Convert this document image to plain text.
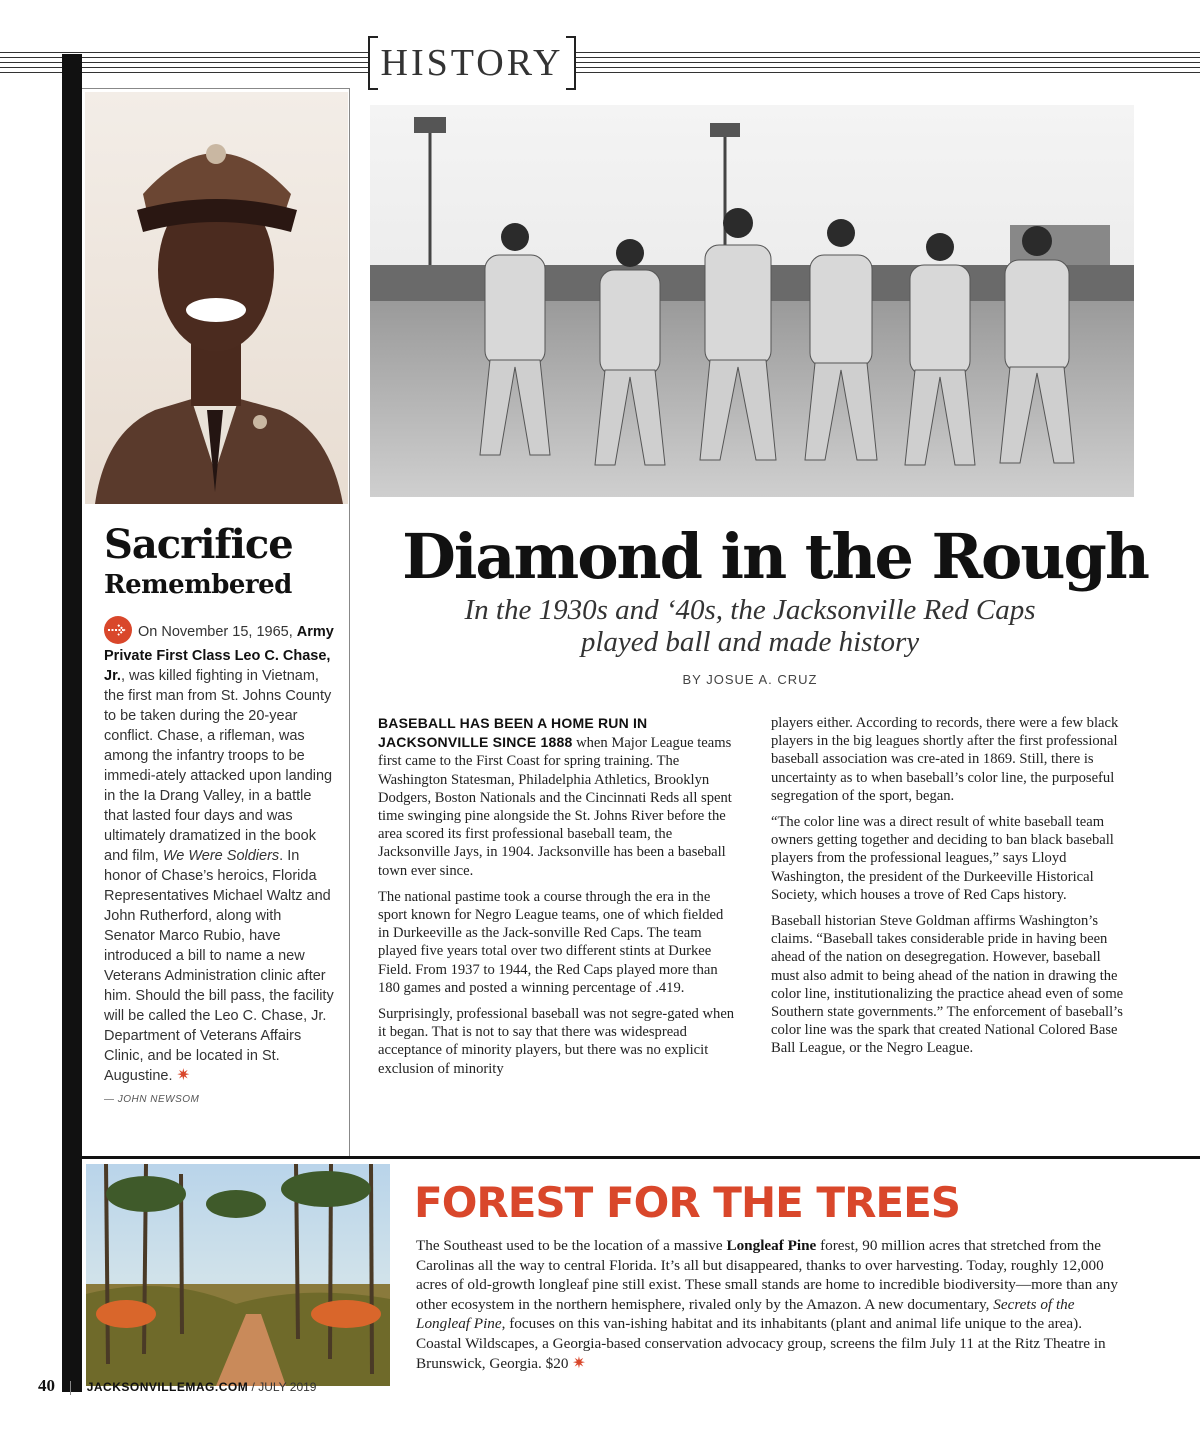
HISTORY
Sacrifice
Remembered
On November 15, 1965, Army Private First Class Leo C. Chase, Jr., was killed fighting in Vietnam, the first man from St. Johns County to be taken during the 20-year conflict. Chase, a rifleman, was among the infantry troops to be immedi-ately attacked upon landing in the Ia Drang Valley, in a battle that lasted four days and was ultimately dramatized in the book and film, We Were Soldiers. In honor of Chase’s heroics, Florida Representatives Michael Waltz and John Rutherford, along with Senator Marco Rubio, have introduced a bill to name a new Veterans Administration clinic after him. Should the bill pass, the facility will be called the Leo C. Chase, Jr. Department of Veterans Affairs Clinic, and be located in St. Augustine. ✷
— JOHN NEWSOM
Diamond in the Rough
In the 1930s and ‘40s, the Jacksonville Red Caps
played ball and made history
BY JOSUE A. CRUZ

BASEBALL HAS BEEN A HOME RUN IN JACKSONVILLE SINCE 1888 when Major League teams first came to the First Coast for spring training. The Washington Statesman, Philadelphia Athletics, Brooklyn Dodgers, Boston Nationals and the Cincinnati Reds all spent time swinging pine alongside the St. Johns River before the area scored its first professional baseball team, the Jacksonville Jays, in 1904. Jacksonville has been a baseball town ever since.

The national pastime took a course through the era in the sport known for Negro League teams, one of which fielded in Durkeeville as the Jack-sonville Red Caps. The team played five years total over two different stints at Durkee Field. From 1937 to 1944, the Red Caps played more than 180 games and posted a winning percentage of .419.

Surprisingly, professional baseball was not segre-gated when it began. That is not to say that there was widespread acceptance of minority players, but there was no explicit exclusion of minority

players either. According to records, there were a few black players in the big leagues shortly after the first professional baseball association was cre-ated in 1869. Still, there is uncertainty as to when baseball’s color line, the purposeful segregation of the sport, began.

“The color line was a direct result of white baseball team owners getting together and deciding to ban black baseball players from the professional leagues,” says Lloyd Washington, the president of the Durkeeville Historical Society, which houses a trove of Red Caps history.

Baseball historian Steve Goldman affirms Washington’s claims. “Baseball takes considerable pride in having been ahead of the nation on desegregation. However, baseball must also admit to being ahead of the nation in drawing the color line, institutionalizing the practice ahead even of some Southern state governments.” The enforcement of baseball’s color line was the spark that created National Colored Base Ball League, or the Negro League.

FOREST FOR THE TREES
The Southeast used to be the location of a massive Longleaf Pine forest, 90 million acres that stretched from the Carolinas all the way to central Florida. It’s all but disappeared, thanks to over harvesting. Today, roughly 12,000 acres of old-growth longleaf pine still exist. These small stands are home to incredible biodiversity—more than any other ecosystem in the northern hemisphere, rivaled only by the Amazon. A new documentary, Secrets of the Longleaf Pine, focuses on this van-ishing habitat and its inhabitants (plant and animal life unique to the area). Coastal Wildscapes, a Georgia-based conservation advocacy group, screens the film July 11 at the Ritz Theatre in Brunswick, Georgia. $20 ✷
40	JACKSONVILLEMAG.COM / JULY 2019
